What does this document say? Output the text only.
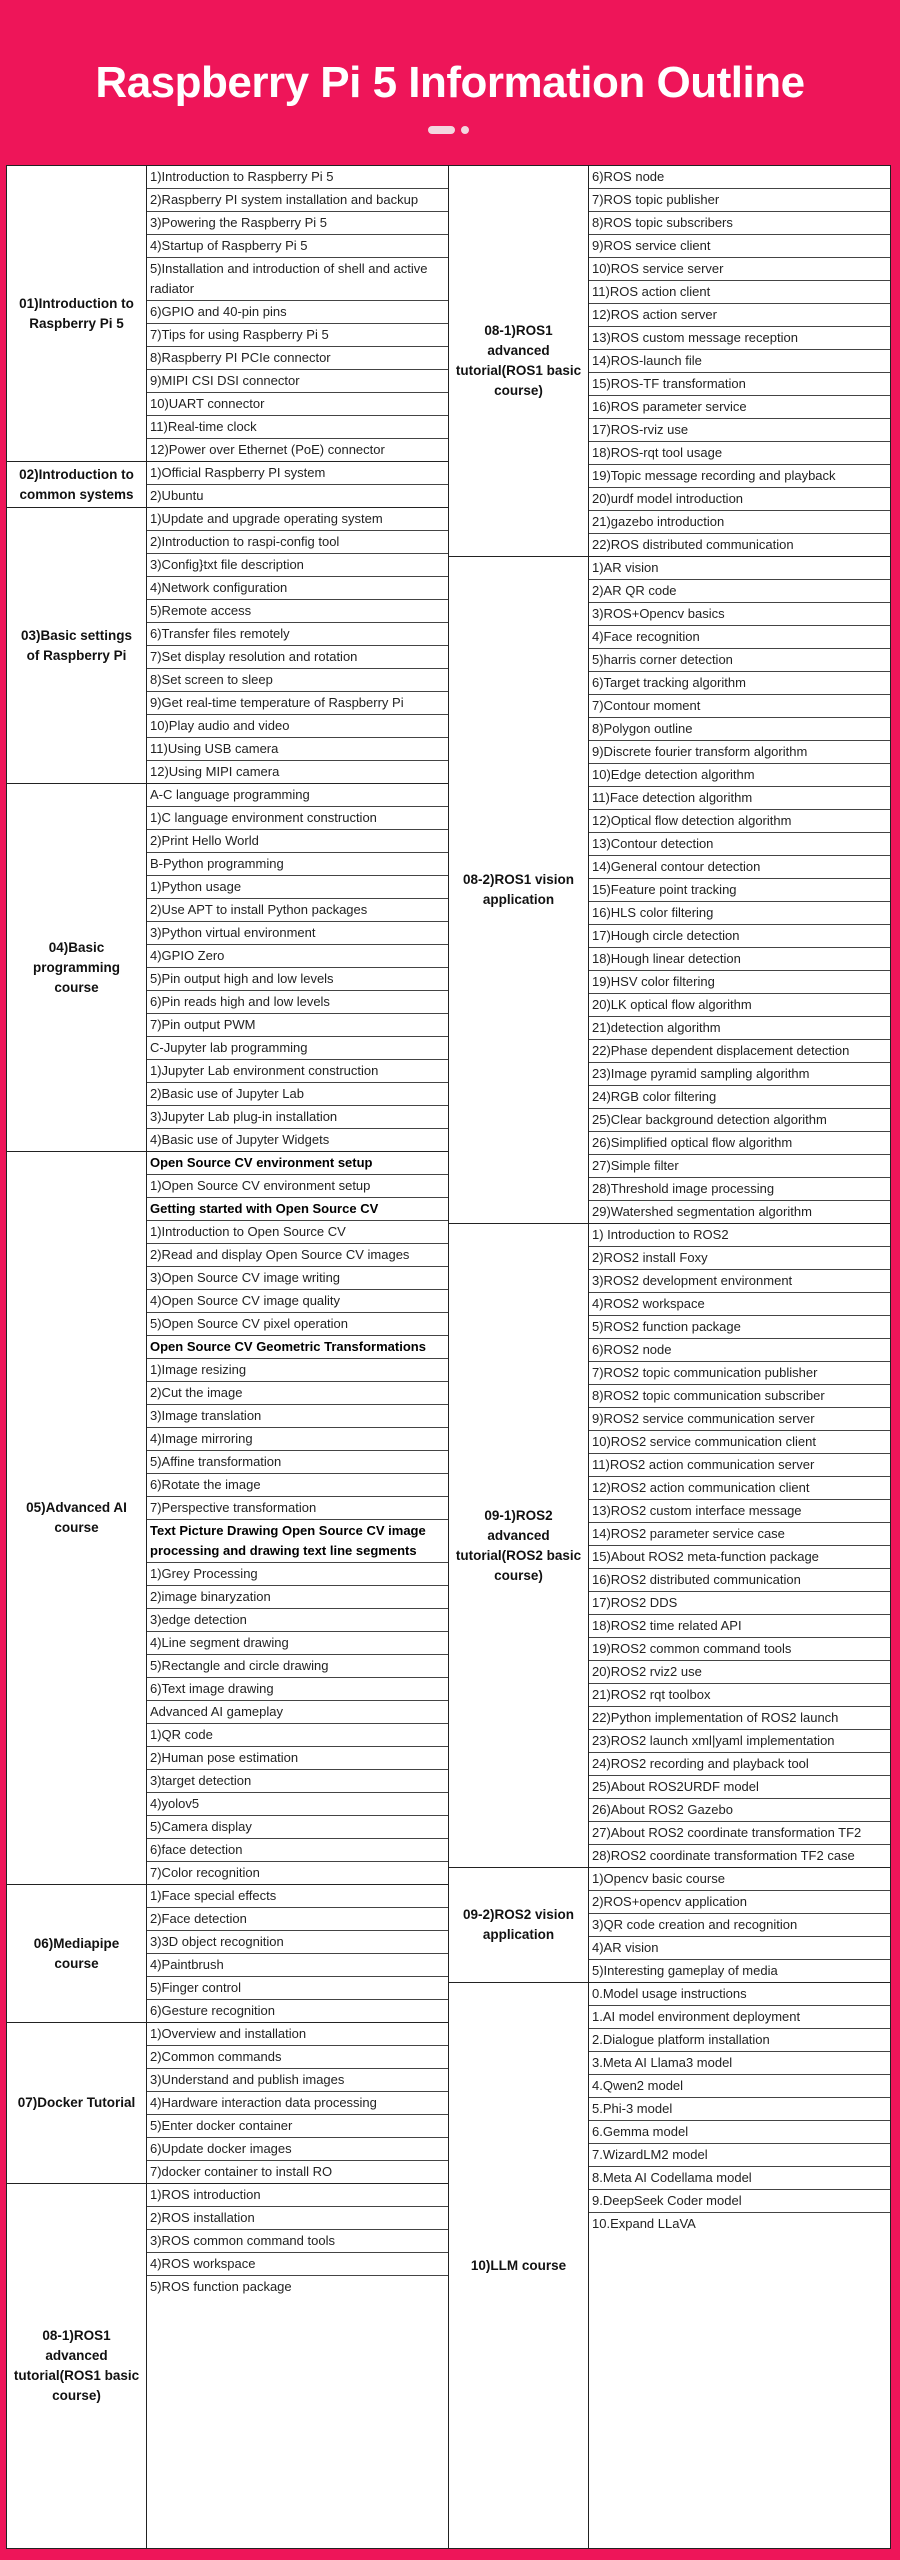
Raspberry Pi 5 Information Outline
01)Introduction to Raspberry Pi 5
1)Introduction to Raspberry Pi 5
2)Raspberry PI system installation and backup
3)Powering the Raspberry Pi 5
4)Startup of Raspberry Pi 5
5)Installation and introduction of shell and active radiator
6)GPIO and 40-pin pins
7)Tips for using Raspberry Pi 5
8)Raspberry PI PCIe connector
9)MIPI CSI DSI connector
10)UART connector
11)Real-time clock
12)Power over Ethernet (PoE) connector
02)Introduction to common systems
1)Official Raspberry PI system
2)Ubuntu
03)Basic settings of Raspberry Pi
1)Update and upgrade operating system
2)Introduction to raspi-config tool
3)Config}txt file description
4)Network configuration
5)Remote access
6)Transfer files remotely
7)Set display resolution and rotation
8)Set screen to sleep
9)Get real-time temperature of Raspberry Pi
10)Play audio and video
11)Using USB camera
12)Using MIPI camera
04)Basic programming course
A-C language programming
1)C language environment construction
2)Print Hello World
B-Python programming
1)Python usage
2)Use APT to install Python packages
3)Python virtual environment
4)GPIO Zero
5)Pin output high and low levels
6)Pin reads high and low levels
7)Pin output PWM
C-Jupyter lab programming
1)Jupyter Lab environment construction
2)Basic use of Jupyter Lab
3)Jupyter Lab plug-in installation
4)Basic use of Jupyter Widgets
05)Advanced AI course
Open Source CV environment setup
1)Open Source CV environment setup
Getting started with Open Source CV
1)Introduction to Open Source CV
2)Read and display Open Source CV images
3)Open Source CV image writing
4)Open Source CV image quality
5)Open Source CV pixel operation
Open Source CV Geometric Transformations
1)Image resizing
2)Cut the image
3)Image translation
4)Image mirroring
5)Affine transformation
6)Rotate the image
7)Perspective transformation
Text Picture Drawing Open Source CV image processing and drawing text line segments
1)Grey Processing
2)image binaryzation
3)edge detection
4)Line segment drawing
5)Rectangle and circle drawing
6)Text image drawing
Advanced AI gameplay
1)QR code
2)Human pose estimation
3)target detection
4)yolov5
5)Camera display
6)face detection
7)Color recognition
06)Mediapipe course
1)Face special effects
2)Face detection
3)3D object recognition
4)Paintbrush
5)Finger control
6)Gesture recognition
07)Docker Tutorial
1)Overview and installation
2)Common commands
3)Understand and publish images
4)Hardware interaction data processing
5)Enter docker container
6)Update docker images
7)docker container to install RO
08-1)ROS1 advanced tutorial(ROS1 basic course)
1)ROS introduction
2)ROS installation
3)ROS common command tools
4)ROS workspace
5)ROS function package
08-1)ROS1 advanced tutorial(ROS1 basic course)
6)ROS node
7)ROS topic publisher
8)ROS topic subscribers
9)ROS service client
10)ROS service server
11)ROS action client
12)ROS action server
13)ROS custom message reception
14)ROS-launch file
15)ROS-TF transformation
16)ROS parameter service
17)ROS-rviz use
18)ROS-rqt tool usage
19)Topic message recording and playback
20)urdf model introduction
21)gazebo introduction
22)ROS distributed communication
08-2)ROS1 vision application
1)AR vision
2)AR QR code
3)ROS+Opencv basics
4)Face recognition
5)harris corner detection
6)Target tracking algorithm
7)Contour moment
8)Polygon outline
9)Discrete fourier transform algorithm
10)Edge detection algorithm
11)Face detection algorithm
12)Optical flow detection algorithm
13)Contour detection
14)General contour detection
15)Feature point tracking
16)HLS color filtering
17)Hough circle detection
18)Hough linear detection
19)HSV color filtering
20)LK optical flow algorithm
21)detection algorithm
22)Phase dependent displacement detection
23)Image pyramid sampling algorithm
24)RGB color filtering
25)Clear background detection algorithm
26)Simplified optical flow algorithm
27)Simple filter
28)Threshold image processing
29)Watershed segmentation algorithm
09-1)ROS2 advanced tutorial(ROS2 basic course)
1) Introduction to ROS2
2)ROS2 install Foxy
3)ROS2 development environment
4)ROS2 workspace
5)ROS2 function package
6)ROS2 node
7)ROS2 topic communication publisher
8)ROS2 topic communication subscriber
9)ROS2 service communication server
10)ROS2 service communication client
11)ROS2 action communication server
12)ROS2 action communication client
13)ROS2 custom interface message
14)ROS2 parameter service case
15)About ROS2 meta-function package
16)ROS2 distributed communication
17)ROS2 DDS
18)ROS2 time related API
19)ROS2 common command tools
20)ROS2 rviz2 use
21)ROS2 rqt toolbox
22)Python implementation of ROS2 launch
23)ROS2 launch xml|yaml implementation
24)ROS2 recording and playback tool
25)About ROS2URDF model
26)About ROS2 Gazebo
27)About ROS2 coordinate transformation TF2
28)ROS2 coordinate transformation TF2 case
09-2)ROS2 vision application
1)Opencv basic course
2)ROS+opencv application
3)QR code creation and recognition
4)AR vision
5)Interesting gameplay of media
10)LLM course
0.Model usage instructions
1.AI model environment deployment
2.Dialogue platform installation
3.Meta AI Llama3 model
4.Qwen2 model
5.Phi-3 model
6.Gemma model
7.WizardLM2 model
8.Meta AI Codellama model
9.DeepSeek Coder model
10.Expand LLaVA
